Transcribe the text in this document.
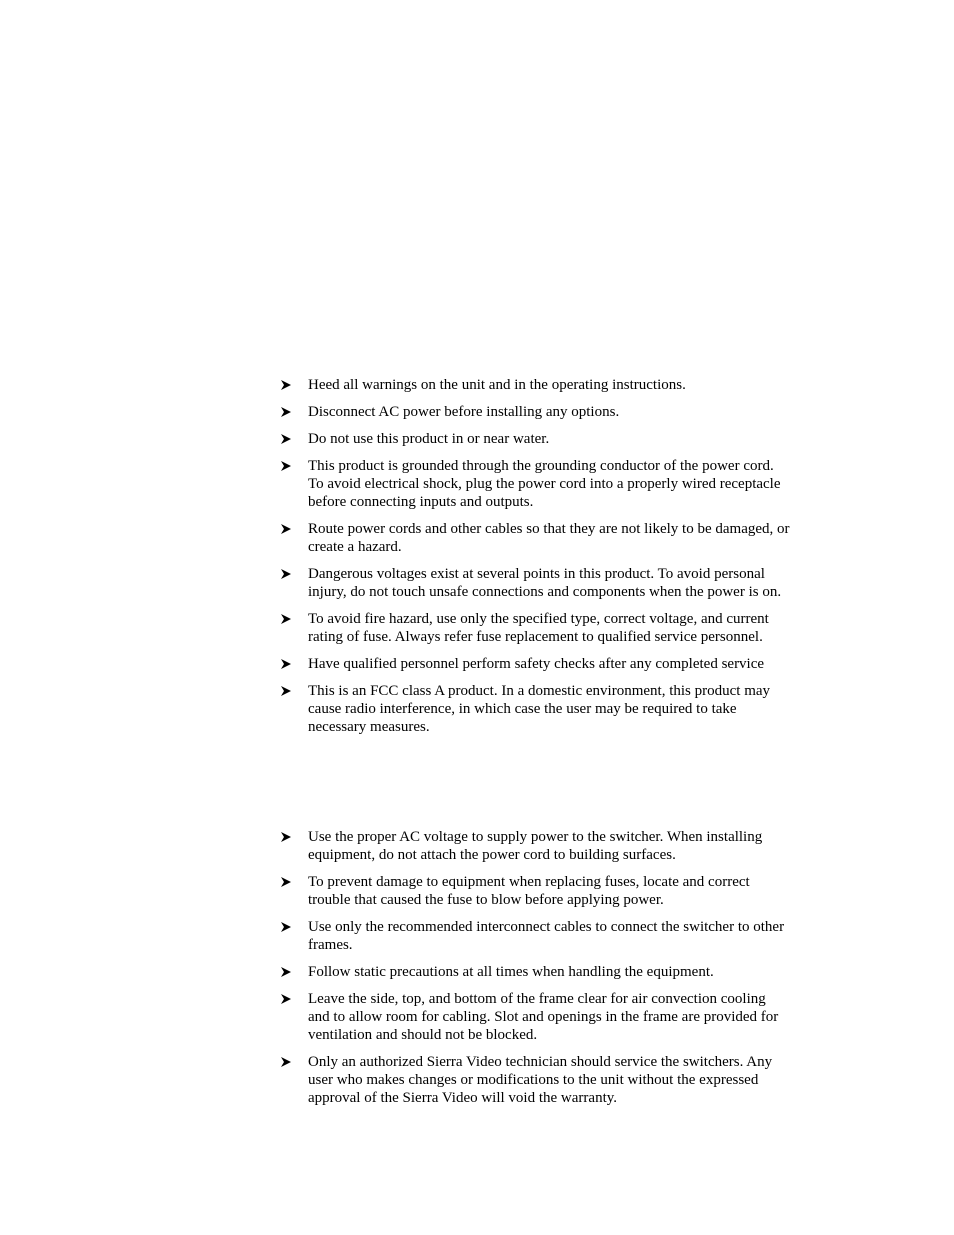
Heed all warnings on the unit and in the operating instructions.
Disconnect AC power before installing any options.
Do not use this product in or near water.
This product is grounded through the grounding conductor of the power cord. To avoid electrical shock, plug the power cord into a properly wired receptacle before connecting inputs and outputs.
Route power cords and other cables so that they are not likely to be damaged, or create a hazard.
Dangerous voltages exist at several points in this product. To avoid personal injury, do not touch unsafe connections and components when the power is on.
To avoid fire hazard, use only the specified type, correct voltage, and current rating of fuse. Always refer fuse replacement to qualified service personnel.
Have qualified personnel perform safety checks after any completed service
This is an FCC class A product. In a domestic environment, this product may cause radio interference, in which case the user may be required to take necessary measures.
Use the proper AC voltage to supply power to the switcher. When installing equipment, do not attach the power cord to building surfaces.
To prevent damage to equipment when replacing fuses, locate and correct trouble that caused the fuse to blow before applying power.
Use only the recommended interconnect cables to connect the switcher to other frames.
Follow static precautions at all times when handling the equipment.
Leave the side, top, and bottom of the frame clear for air convection cooling and to allow room for cabling. Slot and openings in the frame are provided for ventilation and should not be blocked.
Only an authorized Sierra Video technician should service the switchers. Any user who makes changes or modifications to the unit without the expressed approval of the Sierra Video will void the warranty.
